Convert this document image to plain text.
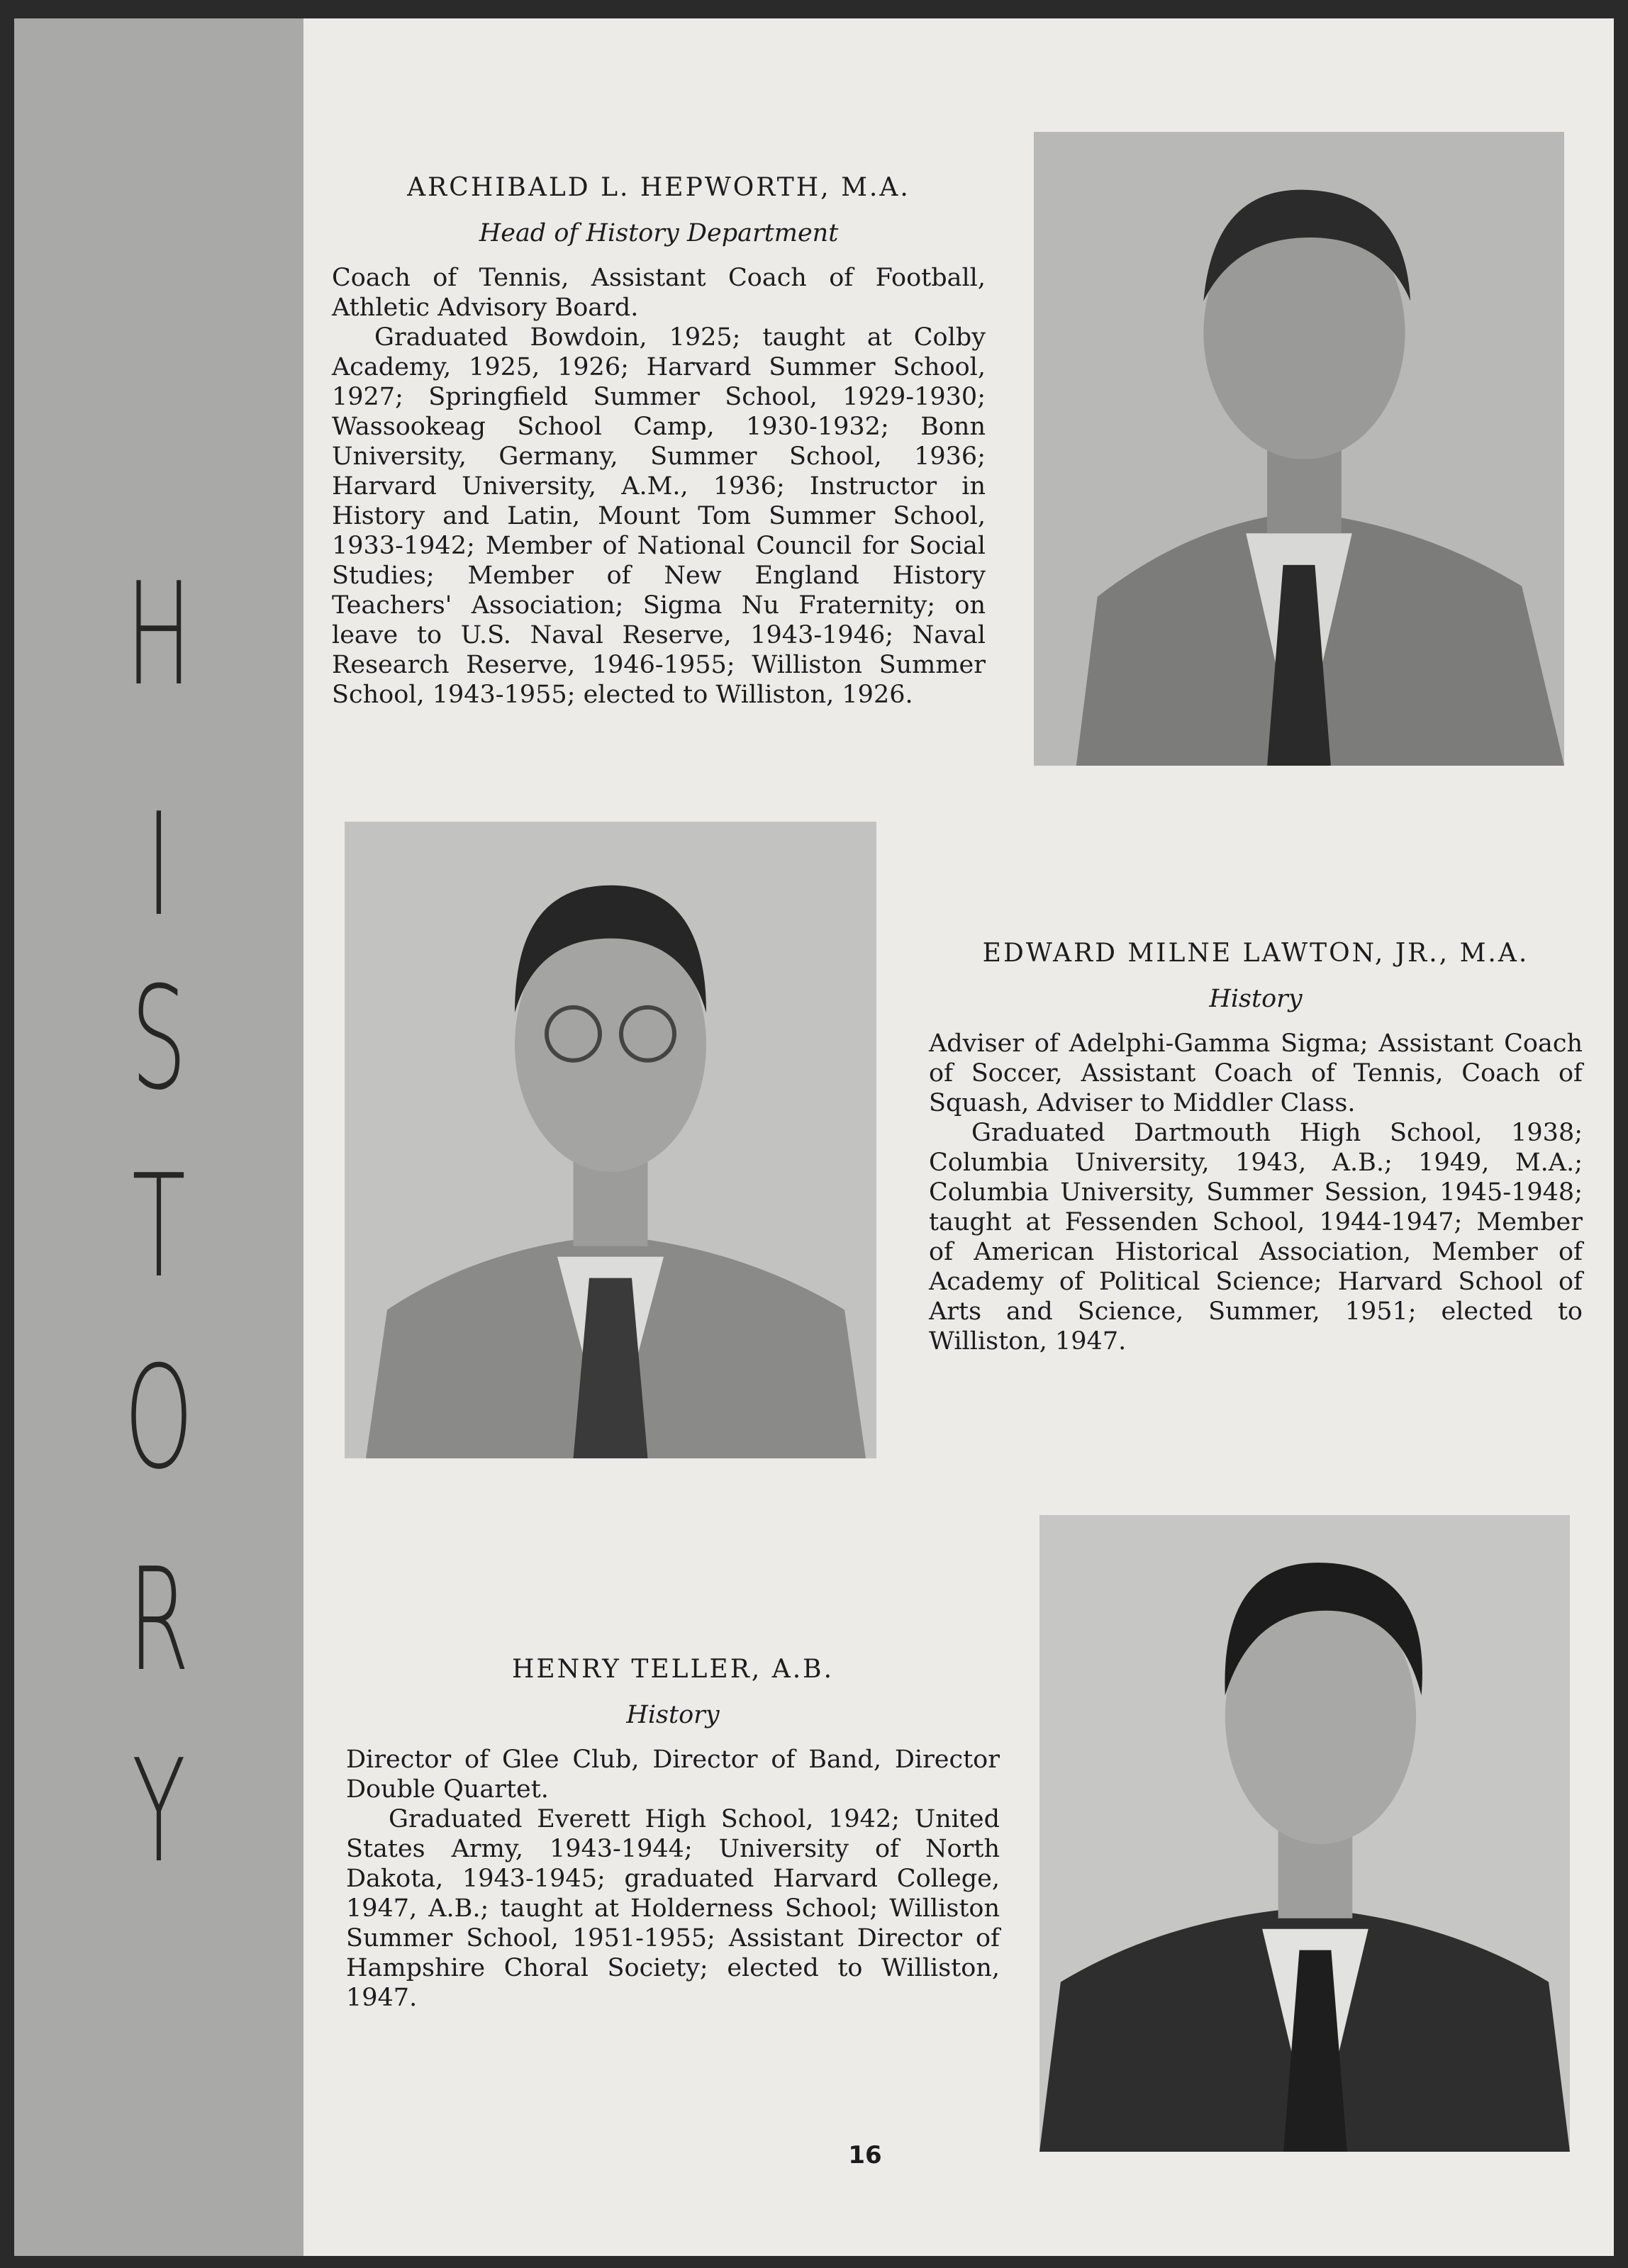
H
I
S
T
O
R
Y
ARCHIBALD L. HEPWORTH, M.A.
Head of History Department

Coach of Tennis, Assistant Coach of Football, Athletic Advisory Board.

Graduated Bowdoin, 1925; taught at Colby Academy, 1925, 1926; Harvard Summer School, 1927; Springfield Summer School, 1929-1930; Wassookeag School Camp, 1930-1932; Bonn University, Germany, Summer School, 1936; Harvard University, A.M., 1936; Instructor in History and Latin, Mount Tom Summer School, 1933-1942; Member of National Council for Social Studies; Member of New England History Teachers' Association; Sigma Nu Fraternity; on leave to U.S. Naval Reserve, 1943-1946; Naval Research Reserve, 1946-1955; Williston Summer School, 1943-1955; elected to Williston, 1926.

EDWARD MILNE LAWTON, JR., M.A.
History

Adviser of Adelphi-Gamma Sigma; Assistant Coach of Soccer, Assistant Coach of Tennis, Coach of Squash, Adviser to Middler Class.

Graduated Dartmouth High School, 1938; Columbia University, 1943, A.B.; 1949, M.A.; Columbia University, Summer Session, 1945-1948; taught at Fessenden School, 1944-1947; Member of American Historical Association, Member of Academy of Political Science; Harvard School of Arts and Science, Summer, 1951; elected to Williston, 1947.

HENRY TELLER, A.B.
History

Director of Glee Club, Director of Band, Director Double Quartet.

Graduated Everett High School, 1942; United States Army, 1943-1944; University of North Dakota, 1943-1945; graduated Harvard College, 1947, A.B.; taught at Holderness School; Williston Summer School, 1951-1955; Assistant Director of Hampshire Choral Society; elected to Williston, 1947.

16
